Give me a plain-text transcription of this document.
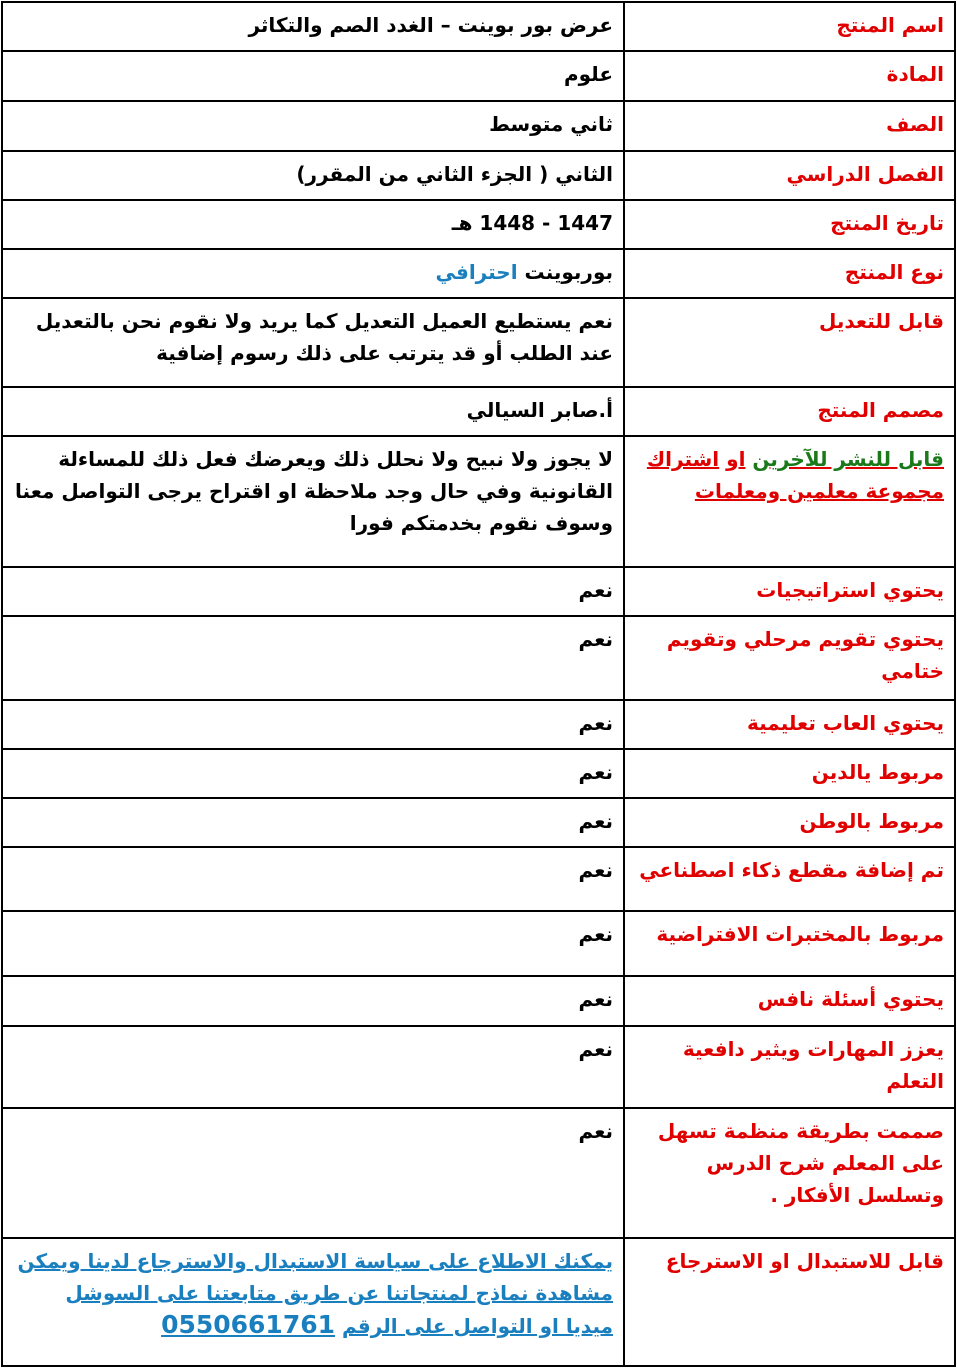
اسم المنتج	عرض بور بوينت – الغدد الصم والتكاثر
المادة	علوم
الصف	ثاني متوسط
الفصل الدراسي	الثاني ( الجزء الثاني من المقرر)
تاريخ المنتج	1447 - 1448 هـ
نوع المنتج	بوربوينت احترافي
قابل للتعديل	نعم يستطيع العميل التعديل كما يريد ولا نقوم نحن بالتعديل عند الطلب أو قد يترتب على ذلك رسوم إضافية
مصمم المنتج	أ.صابر السيالي
قابل للنشر للآخرين او اشتراك مجموعة معلمين ومعلمات	لا يجوز ولا نبيح ولا نحلل ذلك ويعرضك فعل ذلك للمساءلة القانونية وفي حال وجد ملاحظة او اقتراح يرجى التواصل معنا وسوف نقوم بخدمتكم فورا
يحتوي استراتيجيات	نعم
يحتوي تقويم مرحلي وتقويم ختامي	نعم
يحتوي العاب تعليمية	نعم
مربوط يالدين	نعم
مربوط بالوطن	نعم
تم إضافة مقطع ذكاء اصطناعي	نعم
مربوط بالمختبرات الافتراضية	نعم
يحتوي أسئلة نافس	نعم
يعزز المهارات ويثير دافعية التعلم	نعم
صممت بطريقة منظمة تسهل على المعلم شرح الدرس وتسلسل الأفكار .	نعم
قابل للاستبدال او الاسترجاع	يمكنك الاطلاع على سياسة الاستبدال والاسترجاع لدينا ويمكن مشاهدة نماذج لمنتجاتنا عن طريق متابعتنا على السوشل ميديا او التواصل على الرقم 0550661761
